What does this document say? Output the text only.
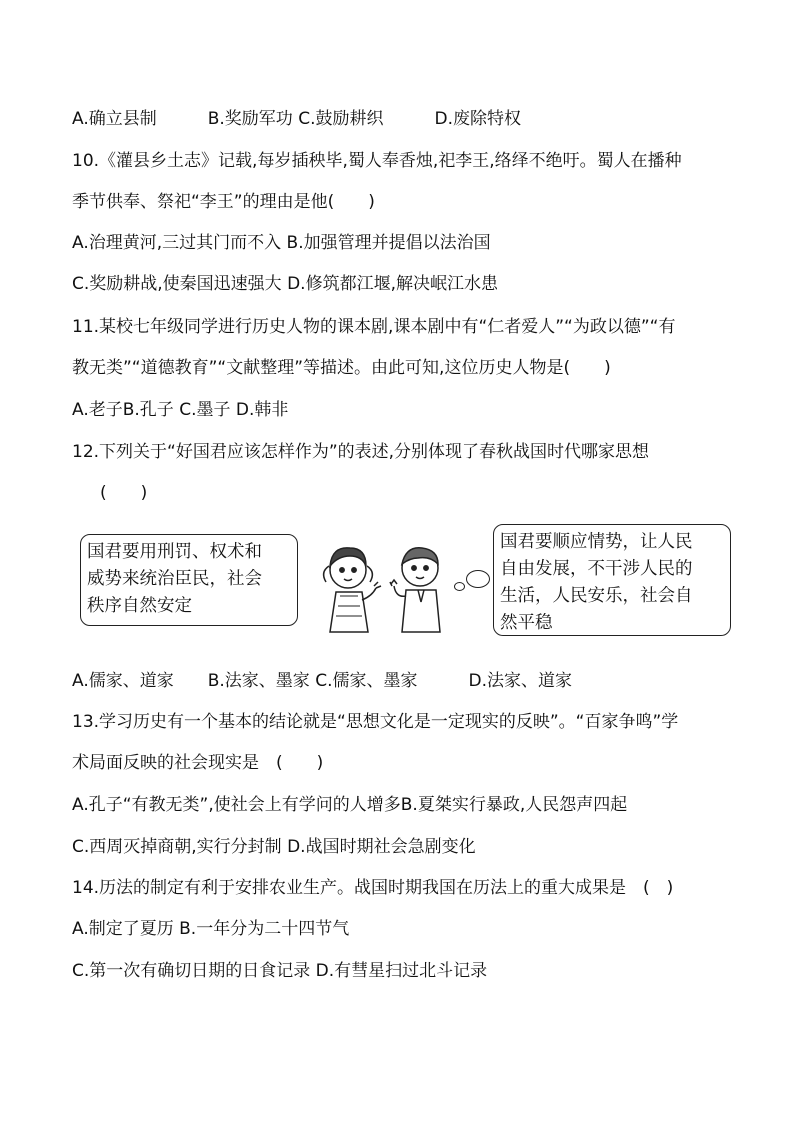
A.确立县制　　　B.奖励军功 C.鼓励耕织　　　D.废除特权
10.《灌县乡土志》记载,每岁插秧毕,蜀人奉香烛,祀李王,络绎不绝吁。蜀人在播种
季节供奉、祭祀“李王”的理由是他(　　)
A.治理黄河,三过其门而不入 B.加强管理并提倡以法治国
C.奖励耕战,使秦国迅速强大 D.修筑都江堰,解决岷江水患
11.某校七年级同学进行历史人物的课本剧,课本剧中有“仁者爱人”“为政以德”“有
教无类”“道德教育”“文献整理”等描述。由此可知,这位历史人物是(　　)
A.老子B.孔子 C.墨子 D.韩非
12.下列关于“好国君应该怎样作为”的表述,分别体现了春秋战国时代哪家思想
(　　)

国君要用刑罚、权术和

威势来统治臣民，社会

秩序自然安定

国君要顺应情势，让人民

自由发展，不干涉人民的

生活，人民安乐，社会自

然平稳

A.儒家、道家　　B.法家、墨家 C.儒家、墨家　　　D.法家、道家
13.学习历史有一个基本的结论就是“思想文化是一定现实的反映”。“百家争鸣”学
术局面反映的社会现实是　(　　)
A.孔子“有教无类”,使社会上有学问的人增多B.夏桀实行暴政,人民怨声四起
C.西周灭掉商朝,实行分封制 D.战国时期社会急剧变化
14.历法的制定有利于安排农业生产。战国时期我国在历法上的重大成果是　(　)
A.制定了夏历 B.一年分为二十四节气
C.第一次有确切日期的日食记录 D.有彗星扫过北斗记录
